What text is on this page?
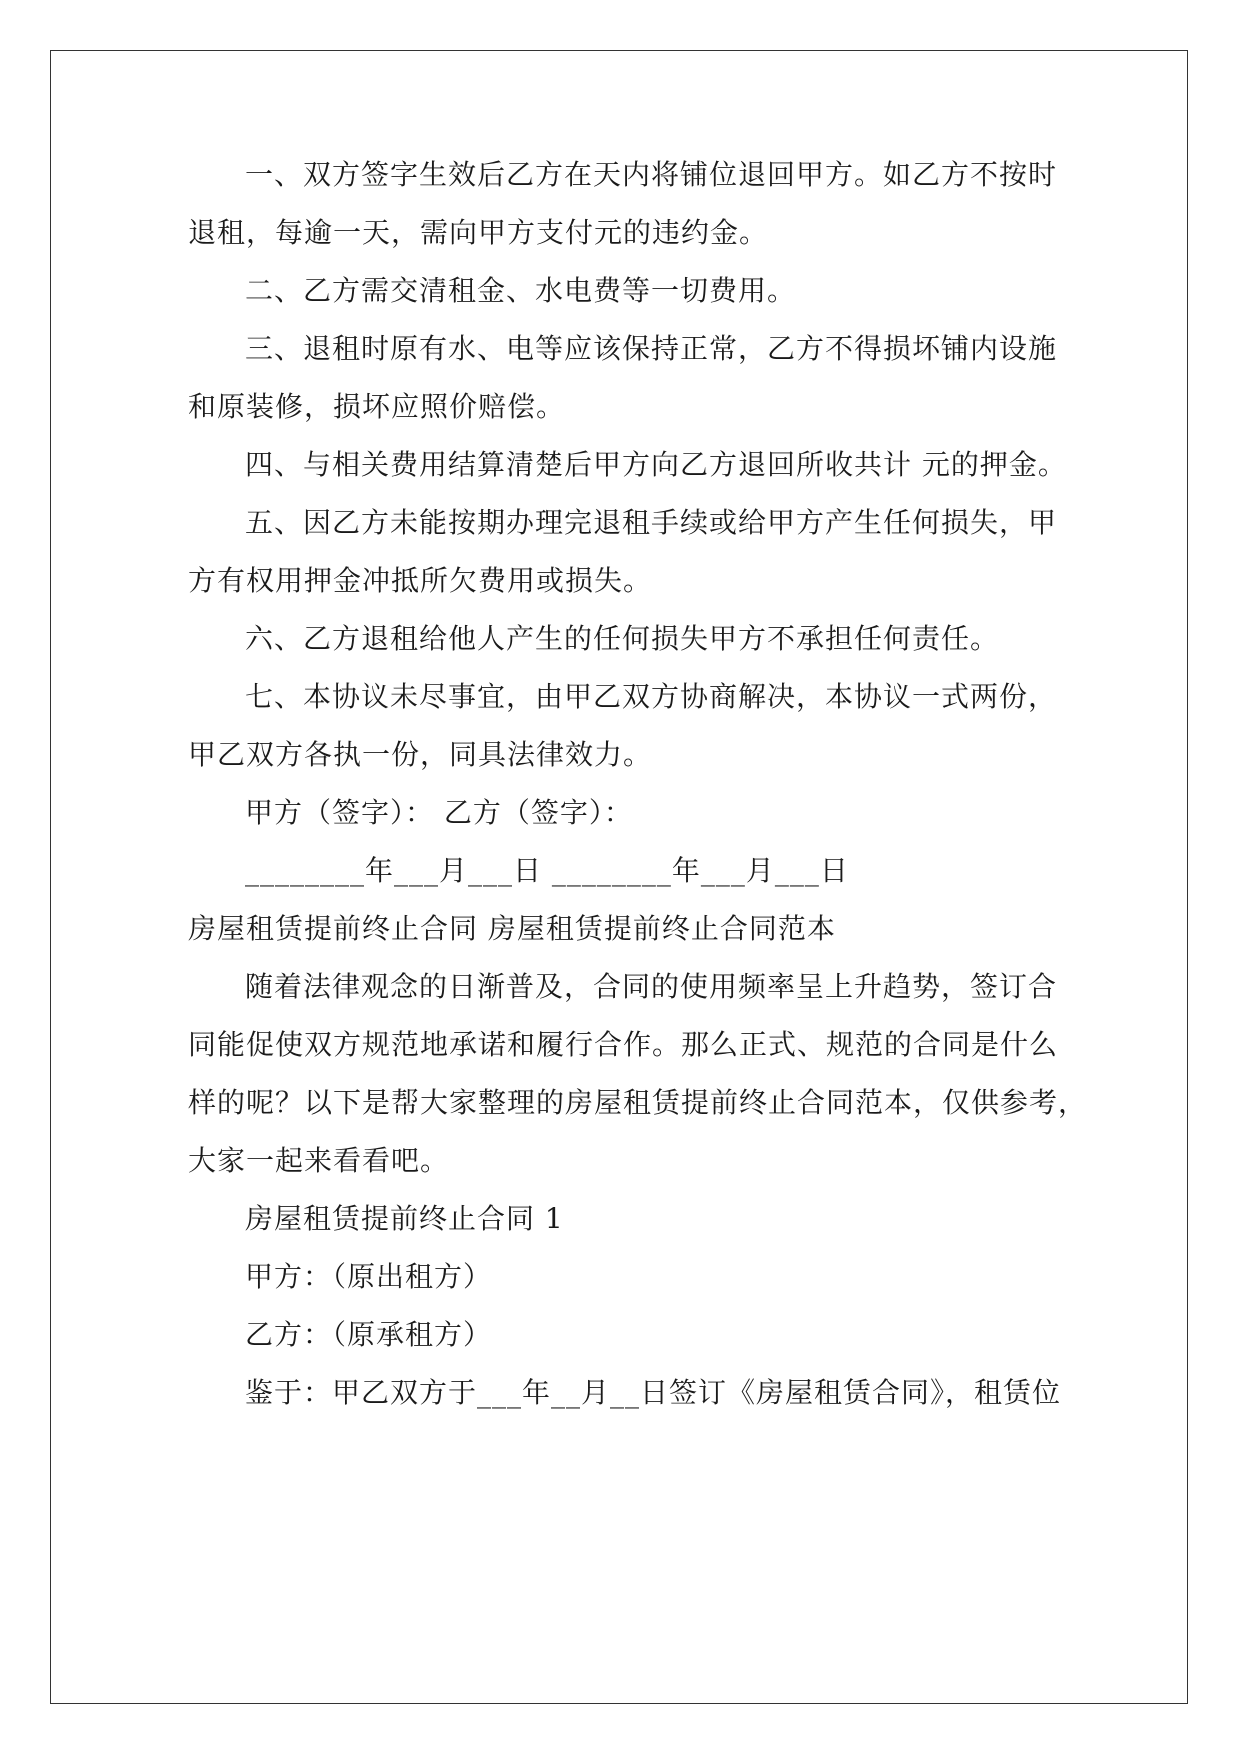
一、双方签字生效后乙方在天内将铺位退回甲方。如乙方不按时
退租，每逾一天，需向甲方支付元的违约金。
二、乙方需交清租金、水电费等一切费用。
三、退租时原有水、电等应该保持正常，乙方不得损坏铺内设施
和原装修，损坏应照价赔偿。
四、与相关费用结算清楚后甲方向乙方退回所收共计 元的押金。
五、因乙方未能按期办理完退租手续或给甲方产生任何损失，甲
方有权用押金冲抵所欠费用或损失。
六、乙方退租给他人产生的任何损失甲方不承担任何责任。
七、本协议未尽事宜，由甲乙双方协商解决，本协议一式两份，
甲乙双方各执一份，同具法律效力。
甲方（签字）： 乙方（签字）：
________年___月___日 ________年___月___日
房屋租赁提前终止合同 房屋租赁提前终止合同范本
随着法律观念的日渐普及，合同的使用频率呈上升趋势，签订合
同能促使双方规范地承诺和履行合作。那么正式、规范的合同是什么
样的呢？以下是帮大家整理的房屋租赁提前终止合同范本，仅供参考，
大家一起来看看吧。
房屋租赁提前终止合同 1
甲方：（原出租方）
乙方：（原承租方）
鉴于：甲乙双方于___年__月__日签订《房屋租赁合同》，租赁位
